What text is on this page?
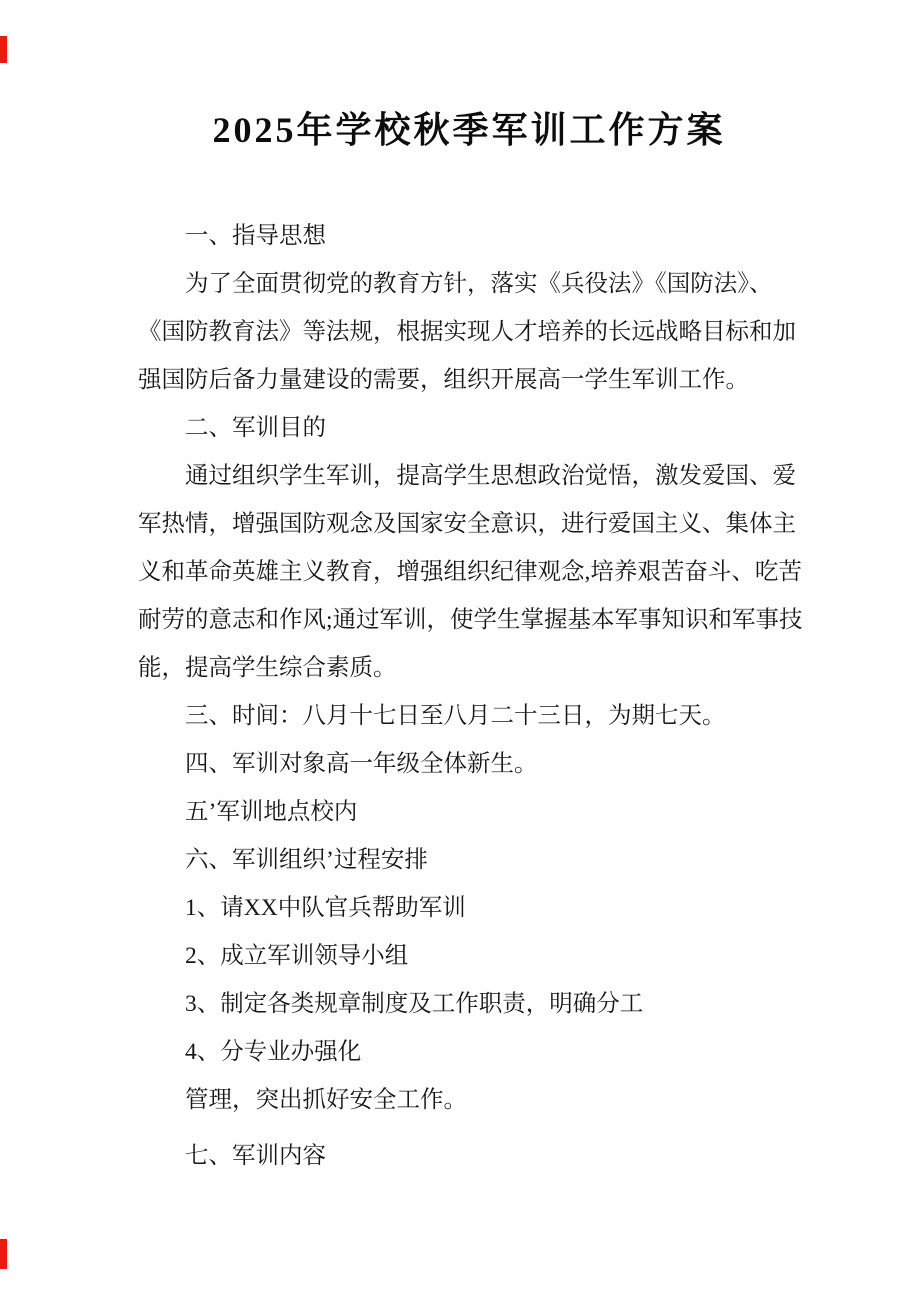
2025年学校秋季军训工作方案

一、指导思想

为了全面贯彻党的教育方针，落实《兵役法》《国防法》、

《国防教育法》等法规，根据实现人才培养的长远战略目标和加

强国防后备力量建设的需要，组织开展高一学生军训工作。

二、军训目的

通过组织学生军训，提高学生思想政治觉悟，激发爱国、爱

军热情，增强国防观念及国家安全意识，进行爱国主义、集体主

义和革命英雄主义教育，增强组织纪律观念,培养艰苦奋斗、吃苦

耐劳的意志和作风;通过军训，使学生掌握基本军事知识和军事技

能，提高学生综合素质。

三、时间：八月十七日至八月二十三日，为期七天。

四、军训对象高一年级全体新生。

五’军训地点校内

六、军训组织’过程安排

1、请XX中队官兵帮助军训

2、成立军训领导小组

3、制定各类规章制度及工作职责，明确分工

4、分专业办强化

管理，突出抓好安全工作。

七、军训内容
